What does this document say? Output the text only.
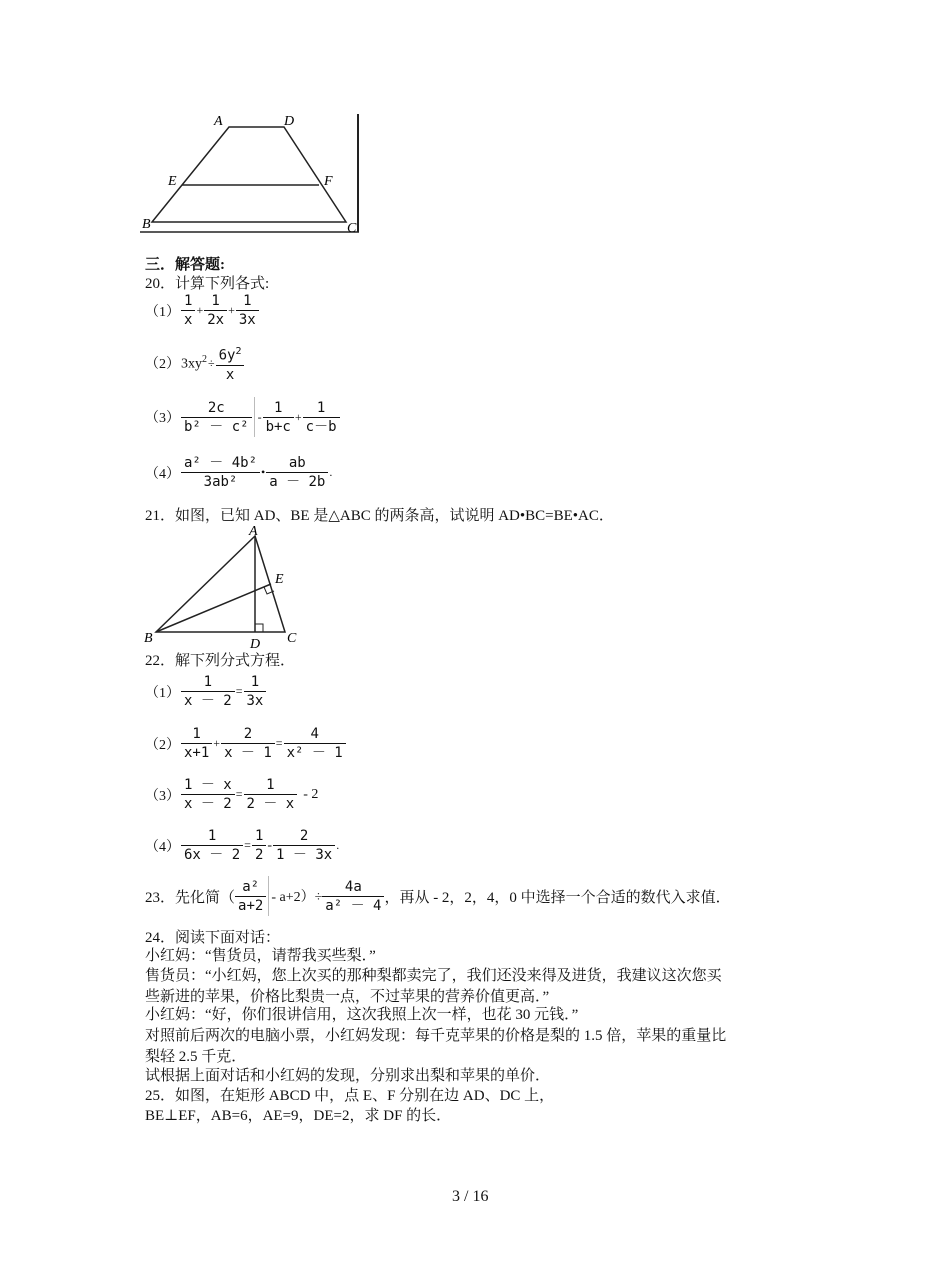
A	D
E	F
B	C
三．解答题:
20．计算下列各式:
$(1) \frac{1}{x} + \frac{1}{2x} + \frac{1}{3x}$
$(2)3xy^2\div \frac{6y^2}{x}$
$(3) \frac{2c}{\text{b² － c²}} - \frac{1}{b+c} + \frac{1}{c-b}$
$(4) \frac{\text{a² － 4b²}}{\text{3ab²}}$ • $\frac{ab}{a - 2b}$ .
21．如图，已知 AD、BE 是△ABC 的两条高，试说明 AD•BC=BE•AC．
A
E
B	D C
22．解下列分式方程．
$(1) \frac{1}{x - 2} = \frac{1}{3x}$
$(2) \frac{1}{x+1} + \frac{2}{x - 1} = \frac{4}{\text{x² － 1}}$
$(3) \frac{1 - x}{x - 2} = \frac{1}{2 - x} - 2$
$(4) \frac{1}{6x - 2} = \frac{1}{2} - \frac{2}{1 - 3x}$ .
23．先化简（ $\frac{\text{a²}}{a+2} - a+2)\div \frac{4a}{\text{a² － 4}}$ ，再从 - 2，2，4，0 中选择一个合适的数代入求值．
24．阅读下面对话：
小红妈：“售货员，请帮我买些梨．”
售货员：“小红妈，您上次买的那种梨都卖完了，我们还没来得及进货，我建议这次您买
些新进的苹果，价格比梨贵一点，不过苹果的营养价值更高．”
小红妈：“好，你们很讲信用，这次我照上次一样，也花 30 元钱．”
对照前后两次的电脑小票，小红妈发现：每千克苹果的价格是梨的 1.5 倍，苹果的重量比
梨轻 2.5 千克．
试根据上面对话和小红妈的发现，分别求出梨和苹果的单价．
25．如图，在矩形 ABCD 中，点 E、F 分别在边 AD、DC 上，
BE⊥EF，AB=6，AE=9，DE=2，求 DF 的长．
3 / 16
